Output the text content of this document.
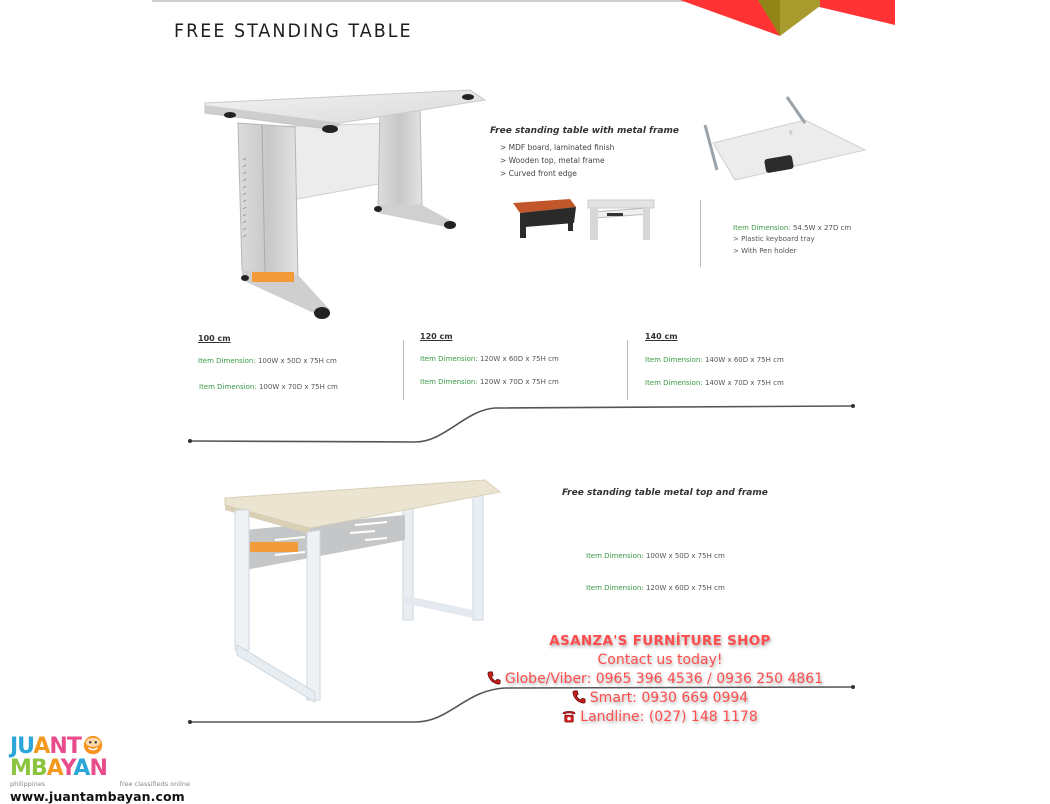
FREE STANDING TABLE
Free standing table with metal frame
> MDF board, laminated finish
> Wooden top, metal frame
> Curved front edge
Y
Item Dimension: 54.5W x 27D cm
> Plastic keyboard tray
> With Pen holder
100 cm
Item Dimension: 100W x 50D x 75H cm
Item Dimension: 100W x 70D x 75H cm
120 cm
Item Dimension: 120W x 60D x 75H cm
Item Dimension: 120W x 70D x 75H cm
140 cm
Item Dimension: 140W x 60D x 75H cm
Item Dimension: 140W x 70D x 75H cm
Free standing table metal top and frame
Item Dimension: 100W x 50D x 75H cm
Item Dimension: 120W x 60D x 75H cm
ASANZA'S FURNİTURE SHOP
Contact us today!
Globe/Viber: 0965 396 4536 / 0936 250 4861
Smart: 0930 669 0994
Landline: (027) 148 1178
JUANTMBAYAN
philippines	free classifieds online
www.juantambayan.com
